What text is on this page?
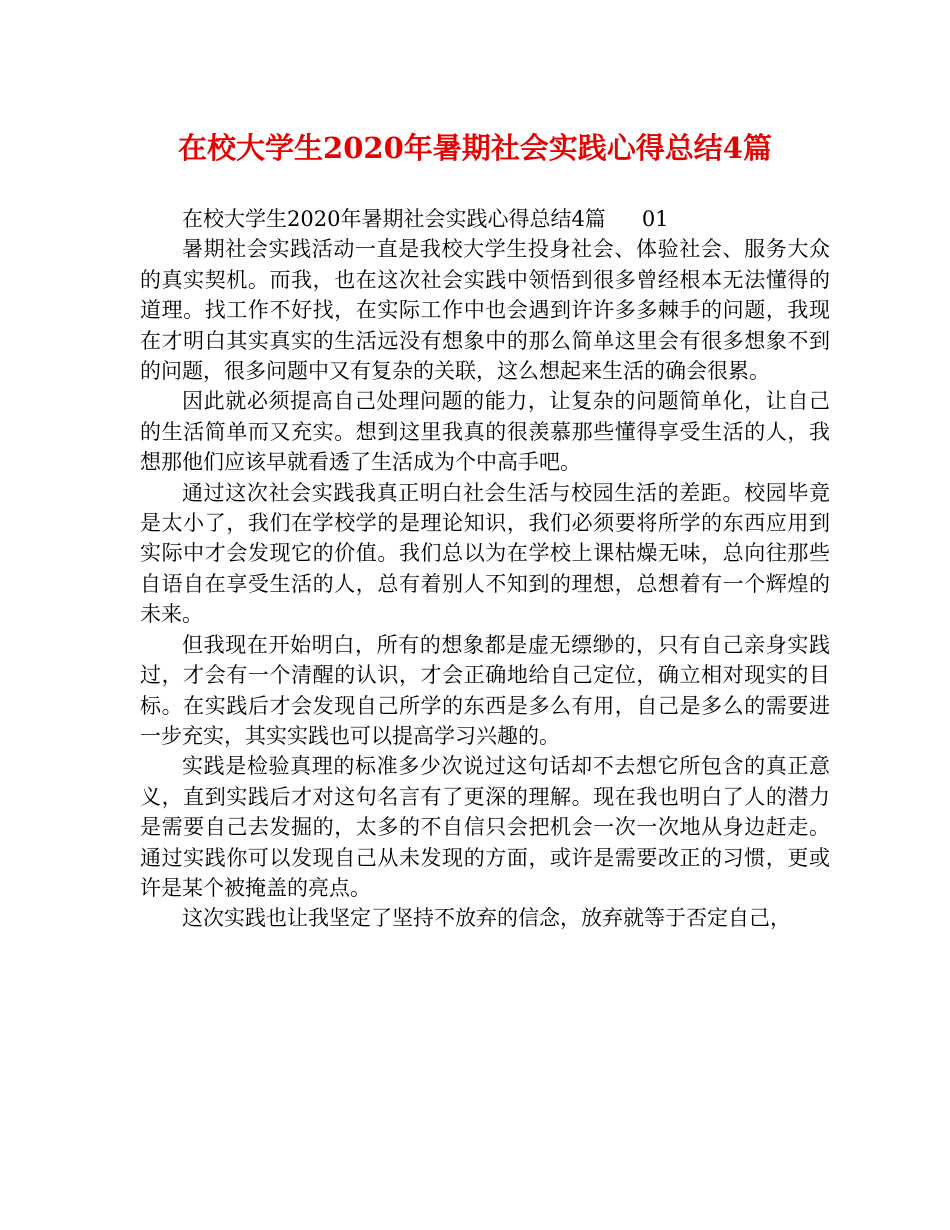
在校大学生2020年暑期社会实践心得总结4篇

在校大学生2020年暑期社会实践心得总结4篇 01

暑期社会实践活动一直是我校大学生投身社会、体验社会、服务大众的真实契机。而我，也在这次社会实践中领悟到很多曾经根本无法懂得的道理。找工作不好找，在实际工作中也会遇到许许多多棘手的问题，我现在才明白其实真实的生活远没有想象中的那么简单这里会有很多想象不到的问题，很多问题中又有复杂的关联，这么想起来生活的确会很累。

因此就必须提高自己处理问题的能力，让复杂的问题简单化，让自己的生活简单而又充实。想到这里我真的很羡慕那些懂得享受生活的人，我想那他们应该早就看透了生活成为个中高手吧。

通过这次社会实践我真正明白社会生活与校园生活的差距。校园毕竟是太小了，我们在学校学的是理论知识，我们必须要将所学的东西应用到实际中才会发现它的价值。我们总以为在学校上课枯燥无味，总向往那些自语自在享受生活的人，总有着别人不知到的理想，总想着有一个辉煌的未来。

但我现在开始明白，所有的想象都是虚无缥缈的，只有自己亲身实践过，才会有一个清醒的认识，才会正确地给自己定位，确立相对现实的目标。在实践后才会发现自己所学的东西是多么有用，自己是多么的需要进一步充实，其实实践也可以提高学习兴趣的。

实践是检验真理的标准多少次说过这句话却不去想它所包含的真正意义，直到实践后才对这句名言有了更深的理解。现在我也明白了人的潜力是需要自己去发掘的，太多的不自信只会把机会一次一次地从身边赶走。通过实践你可以发现自己从未发现的方面，或许是需要改正的习惯，更或许是某个被掩盖的亮点。

这次实践也让我坚定了坚持不放弃的信念，放弃就等于否定自己，
